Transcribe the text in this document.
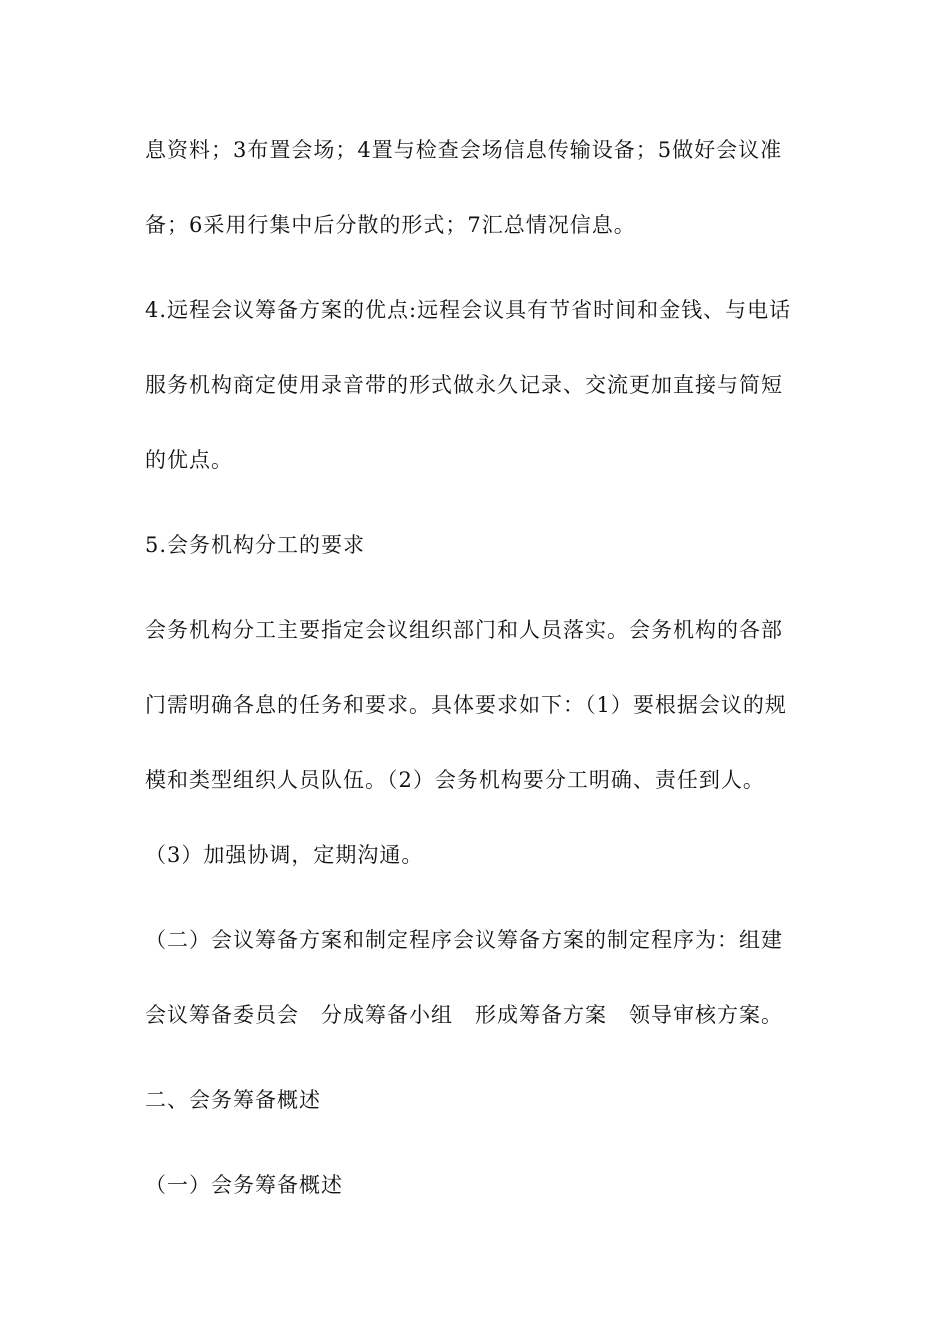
息资料；3布置会场；4置与检查会场信息传输设备；5做好会议准
备；6采用行集中后分散的形式；7汇总情况信息。
4.远程会议筹备方案的优点:远程会议具有节省时间和金钱、与电话
服务机构商定使用录音带的形式做永久记录、交流更加直接与简短
的优点。
5.会务机构分工的要求
会务机构分工主要指定会议组织部门和人员落实。会务机构的各部
门需明确各息的任务和要求。具体要求如下：（1）要根据会议的规
模和类型组织人员队伍。（2）会务机构要分工明确、责任到人。
（3）加强协调，定期沟通。
（二）会议筹备方案和制定程序会议筹备方案的制定程序为：组建
会议筹备委员会　分成筹备小组　形成筹备方案　领导审核方案。
二、会务筹备概述
（一）会务筹备概述
